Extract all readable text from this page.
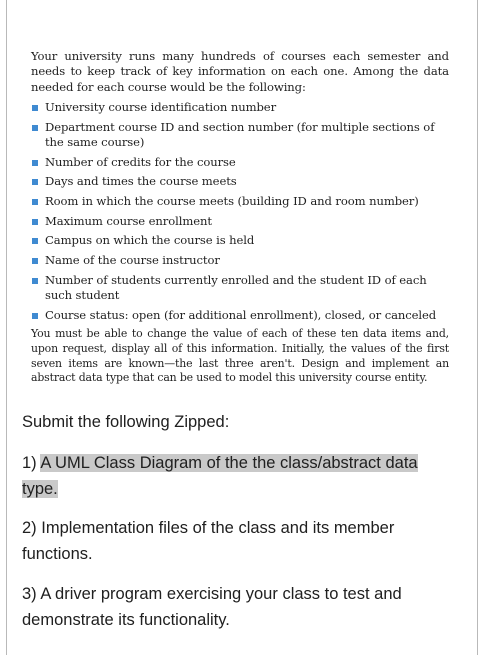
Your university runs many hundreds of courses each semester and needs to keep track of key information on each one. Among the data needed for each course would be the following:
University course identification number
Department course ID and section number (for multiple sections of the same course)
Number of credits for the course
Days and times the course meets
Room in which the course meets (building ID and room number)
Maximum course enrollment
Campus on which the course is held
Name of the course instructor
Number of students currently enrolled and the student ID of each such student
Course status: open (for additional enrollment), closed, or canceled
You must be able to change the value of each of these ten data items and, upon request, display all of this information. Initially, the values of the first seven items are known—the last three aren't. Design and implement an abstract data type that can be used to model this university course entity.
Submit the following Zipped:
1) A UML Class Diagram of the the class/abstract data type.
2) Implementation files of the class and its member functions.
3) A driver program exercising your class to test and demonstrate its functionality.
